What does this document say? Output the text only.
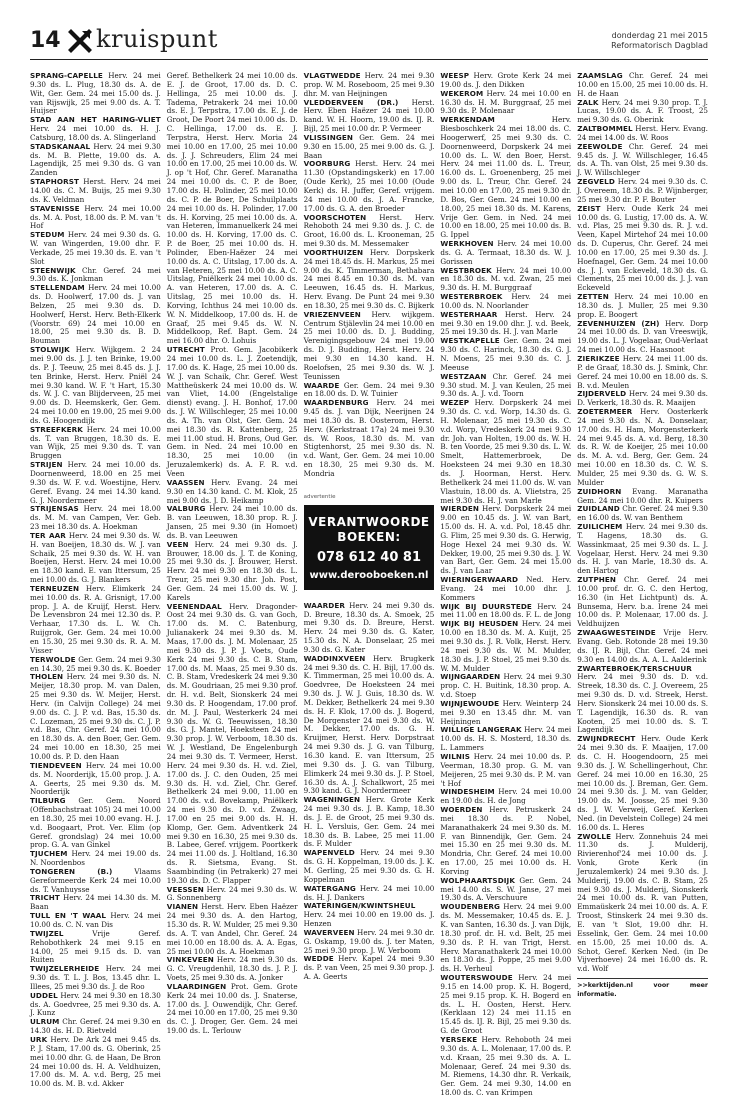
14 kruispunt	donderdag 21 mei 2015
Reformatorisch Dagblad

SPRANG-CAPELLE Herv. 24 mei 9.30 ds. L. Plug, 18.30 ds. A. de Wit, Ger. Gem. 24 mei 15.00 ds. J. van Rijswijk, 25 mei 9.00 ds. A. T. Huijser

STAD AAN HET HARING-VLIET Herv. 24 mei 10.00 ds. H. J. Catsburg, 18.00 ds. A. Slingerland

STADSKANAAL Herv. 24 mei 9.30 ds. M. B. Plette, 19.00 ds. A. Lagendijk, 25 mei 9.30 ds. G van Zanden

STAPHORST Herst. Herv. 24 mei 14.00 ds. C. M. Buijs, 25 mei 9.30 ds. K. Veldman

STAVENISSE Herv. 24 mei 10.00 ds. M. A. Post, 18.00 ds. P. M. van 't Hof

STEDUM Herv. 24 mei 9.30 ds. G. W. van Wingerden, 19.00 dhr. F. Verkade, 25 mei 19.30 ds. E. van 't Slot

STEENWIJK Chr. Geref. 24 mei 9.30 ds. K. Jonkman

STELLENDAM Herv. 24 mei 10.00 ds. D. Hoolwerf, 17.00 ds. J. van Belzen, 25 mei 9.30 ds. D. Hoolwerf, Herst. Herv. Beth-Elkerk (Voorstr. 69) 24 mei 10.00 en 18.00, 25 mei 9.30 ds. B. D. Bouman

STOLWIJK Herv. Wijkgem. 2 24 mei 9.00 ds. J. J. ten Brinke, 19.00 ds. P. J. Teeuw, 25 mei 8.45 ds. J. J. ten Brinke, Herst. Herv. Pniël 24 mei 9.30 kand. W. F. 't Hart, 15.30 ds. W. J. C. van Blijderveen, 25 mei 9.00 ds. D. Heemskerk, Ger. Gem. 24 mei 10.00 en 19.00, 25 mei 9.00 ds. G. Hoogendijk

STREEFKERK Herv. 24 mei 10.00 ds. T. van Bruggen, 18.30 ds. E. van Wijk, 25 mei 9.30 ds. T. van Bruggen

STRIJEN Herv. 24 mei 10.00 ds. Doornenweerd, 18.00 en 25 mei 9.30 ds. W. F. v.d. Woestijne, Herv. Geref. Evang. 24 mei 14.30 kand. G. J. Noordermeer

STRIJENSAS Herv. 24 mei 18.00 ds. M. M. van Campen, Ver. Geb. 23 mei 18.30 ds. A. Hoekman

TER AAR Herv. 24 mei 9.30 ds. W. H. van Boeijen, 18.30 ds. W. J. van Schaik, 25 mei 9.30 ds. W. H. van Boeijen, Herst. Herv. 24 mei 10.00 en 18.30 kand. E. van Ittersum, 25 mei 10.00 ds. G. J. Blankers

TERNEUZEN Herv. Elimkerk 24 mei 10.00 ds. R. A. Grisnigt, 17.00 prop. J. A. de Kruijf, Herst. Herv. De Levensbron 24 mei 12.30 ds. P. Verhaar, 17.30 ds. L. W. Ch. Ruijgrok, Ger. Gem. 24 mei 10.00 en 15.30, 25 mei 9.30 ds. R. A. M. Visser

TERWOLDE Ger. Gem. 24 mei 9.30 en 14.30, 25 mei 9.30 ds. K. Boeder

THOLEN Herv. 24 mei 9.30 ds. N. Meijer, 18.30 prop. M. van Dalen, 25 mei 9.30 ds. W. Meijer, Herst. Herv. (in Calvijn College) 24 mei 9.00 ds. C. J. P. v.d. Bas, 15.30 ds. C. Lozeman, 25 mei 9.30 ds. C. J. P. v.d. Bas, Chr. Geref. 24 mei 10.00 en 18.30 ds. A. den Boer, Ger. Gem. 24 mei 10.00 en 18.30, 25 mei 10.00 ds. P. D. den Haan

TIENDEVEEN Herv. 24 mei 10.00 ds. M. Noorderijk, 15.00 prop. J. A. A. Geerts, 25 mei 9.30 ds. M. Noorderijk

TILBURG Ger. Gem. Noord (Offenbachstraat 105) 24 mei 10.00 en 18.30, 25 mei 10.00 evang. H. J. v.d. Boogaart, Prot. Ver. Elim (op Geref. grondslag) 24 mei 10.00 prop. G. A. van Ginkel

TJUCHEM Herv. 24 mei 19.00 ds. N. Noordenbos

TONGEREN (B.)	Vlaams Gereformeerde Kerk 24 mei 10.00 ds. T. Vanhuysse

TRICHT Herv. 24 mei 14.30 ds. M. Baan

TULL EN 'T WAAL Herv. 24 mei 10.00 ds. C. N. van Dis

TWIJZEL	Vrije Geref. Rehobothkerk 24 mei 9.15 en 14.00, 25 mei 9.15 ds. D. van Ruiten

TWIJZELERHEIDE Herv. 24 mei 9.30 ds. T. L. J. Bos, 13.45 dhr. L. Illees, 25 mei 9.30 ds. J. de Roo

UDDEL Herv. 24 mei 9.30 en 18.30 ds. A. Goedvree, 25 mei 9.30 ds. A. J. Kunz

ULRUM Chr. Geref. 24 mei 9.30 en 14.30 ds. H. D. Rietveld

URK Herv. De Ark 24 mei 9.45 ds. P. J. Stam, 17.00 ds. G. Oberink, 25 mei 10.00 dhr. G. de Haan, De Bron 24 mei 10.00 ds. H. A. Veldhuizen, 17.00 ds. M. A. v.d. Berg, 25 mei 10.00 ds. M. B. v.d. Akker

Geref. Bethelkerk 24 mei 10.00 ds. E. J. de Groot, 17.00 ds. D. C. Hellinga, 25 mei 10.00 ds. J. Tademа, Petrakerk 24 mei 10.00 ds. E. J. Terpstra, 17.00 ds. E. J. de Groot, De Poort 24 mei 10.00 ds. D. C. Hellinga, 17.00 ds. E. J. Terpstra, Herst. Herv. Moria 24 mei 10.00 en 17.00, 25 mei 10.00 ds. J. J. Schreuders, Elim 24 mei 10.00 en 17.00, 25 mei 10.00 ds. W. J. op 't Hof, Chr. Geref. Maranatha 24 mei 10.00 ds. C. P. de Boer, 17.00 ds. H. Polinder, 25 mei 10.00 ds. C. P. de Boer, De Schuilplaats 24 mei 10.00 ds. H. Polinder, 17.00 ds. H. Korving, 25 mei 10.00 ds. A. van Heteren, Immanuelkerk 24 mei 10.00 ds. H. Korving, 17.00 ds. C. P. de Boer, 25 mei 10.00 ds. H. Polinder, Eben-Haëzer 24 mei 10.00 ds. A. C. Uitslag, 17.00 ds. A. van Heteren, 25 mei 10.00 ds. A. C. Uitslag, Pniëlkerk 24 mei 10.00 ds. A. van Heteren, 17.00 ds. A. C. Uitslag, 25 mei 10.00 ds. H. Korving, Ichthus 24 mei 10.00 ds. W. N. Middelkoop, 17.00 ds. H. de Graaf, 25 mei 9.45 ds. W. N. Middelkoop, Ref. Bapt. Gem. 24 mei 16.00 dhr. O. Lohuis

UTRECHT Prot. Gem. Jacobikerk 24 mei 10.00 ds. L. J. Zoetendijk, 17.00 ds. K. Hage, 25 mei 10.00 ds. W. J. van Schaik, Chr. Geref. West Mattheüskerk 24 mei 10.00 ds. W. van Vliet, 14.00 (Engelstalige dienst) evang. J. H. Bonhof, 17.00 ds. J. W. Willschleger, 25 mei 10.00 ds. A. Th. van Olst, Ger. Gem. 24 mei 18.30 ds. R. Kattenberg, 25 mei 11.00 stud. H. Brons, Oud Ger. Gem. in Ned. 24 mei 10.00 en 18.30, 25 mei 10.00 (in Jeruzalemkerk) ds. A. F. R. v.d. Veen

VAASSEN Herv. Evang. 24 mei 9.30 en 14.30 kand. C. M. Klok, 25 mei 9.00 ds. J. D. Heikamp

VALBURG Herv. 24 mei 10.00 ds. B. van Leeuwen, 18.30 prop. R. J. Jansen, 25 mei 9.30 (in Homoet) ds. B. van Leeuwen

VEEN Herv. 24 mei 9.30 ds. J. Brouwer, 18.00 ds. J. T. de Koning, 25 mei 9.30 ds. J. Brouwer, Herst. Herv. 24 mei 9.30 en 18.30 ds. L. Treur, 25 mei 9.30 dhr. Joh. Post, Ger. Gem. 24 mei 15.00 ds. W. J. Karels

VEENENDAAL Herv. Dragonder-Oost 24 mei 9.30 ds. G. van Goch, 17.00 ds. M. C. Batenburg, Julianakerk 24 mei 9.30 ds. M. Maas, 17.00 ds. J. M. Molenaar, 25 mei 9.30 ds. J. P. J. Voets, Oude Kerk 24 mei 9.30 ds. C. B. Stam, 17.00 ds. M. Maas, 25 mei 9.30 ds. C. B. Stam, Vredeskerk 24 mei 9.30 ds. M. Goudriaan, 25 mei 9.30 prof. dr. H. v.d. Belt, Sionskerk 24 mei 9.30 ds. P. Hoogendam, 17.00 prof. dr. M. J. Paul, Westerkerk 24 mei 9.30 ds. W. G. Teeuwissen, 18.30 ds. G. J. Mantel, Hoeksteen 24 mei 9.30 prop. J. W. Verboom, 18.30 ds. W. J. Westland, De Engelenburgh 24 mei 9.30 ds. T. Vermeer, Herst. Herv. 24 mei 9.30 ds. H. v.d. Ziel, 17.00 ds. J. C. den Ouden, 25 mei 9.30 ds. H. v.d. Ziel, Chr. Geref. Bethelkerk 24 mei 9.00, 11.00 en 17.00 ds. v.d. Bovekamp, Pniëlkerk 24 mei 9.30 ds. D. v.d. Zwaag, 17.00 en 25 mei 9.00 ds. H. H. Klomp, Ger. Gem. Adventkerk 24 mei 9.30 en 16.30, 25 mei 9.30 ds. B. Labee, Geref. vrijgem. Poortkerk 24 mei 11.00 ds. J. Holtland, 16.30 ds. R. Sietsma, Evang. St. Saambinding (in Petrakerk) 27 mei 19.30 ds. D. C. Flapper

VEESSEN Herv. 24 mei 9.30 ds. W. G. Sonnenberg

VIANEN Herst. Herv. Eben Haëzer 24 mei 9.30 ds. A. den Hartog, 15.30 ds. R. W. Mulder, 25 mei 9.30 ds. A. T. van Andel, Chr. Geref. 24 mei 10.00 en 18.00 ds. A. A. Egas, 25 mei 10.00 ds. A. Hoekman

VINKEVEEN Herv. 24 mei 9.30 ds. G. C. Vreugdenhil, 18.30 ds. J. P. J. Voets, 25 mei 9.30 ds. A. Jonker

VLAARDINGEN Prot. Gem. Grote Kerk 24 mei 10.00 ds. J. Snaterse, 17.00 ds. J. Ouwendijk, Chr. Geref. 24 mei 10.00 en 17.00, 25 mei 9.30 ds. C. J. Droger, Ger. Gem. 24 mei 19.00 ds. L. Terlouw

VLAGTWEDDE Herv. 24 mei 9.30 prop. W. M. Roseboom, 25 mei 9.30 dhr. M. van Heijningen

VLEDDERVEEN (DR.) Herst. Herv. Eben Haëzer 24 mei 10.00 kand. W. H. Hoorn, 19.00 ds. IJ. R. Bijl, 25 mei 10.00 dr. P. Vermeer

VLISSINGEN Ger. Gem. 24 mei 9.30 en 15.00, 25 mei 9.00 ds. G. J. Baan

VOORBURG Herst. Herv. 24 mei 11.30 (Opstandingskerk) en 17.00 (Oude Kerk), 25 mei 10.00 (Oude Kerk) ds. H. Juffer, Geref. vrijgem. 24 mei 10.00 ds. J. A. Francke, 17.00 ds. G. A. den Broeder

VOORSCHOTEN Herst. Herv. Rehoboth 24 mei 9.30 ds. J. C. de Groot, 16.00 ds. L. Krooneman, 25 mei 9.30 ds. M. Messemaker

VOORTHUIZEN Herv. Dorpskerk 24 mei 18.45 ds. H. Markus, 25 mei 9.00 ds. K. Timmerman, Bethabara 24 mei 8.45 en 10.30 ds. M. van Leeuwen, 16.45 ds. H. Markus, Herv. Evang. De Punt 24 mei 9.30 en 18.30, 25 mei 9.30 ds. C. Bijkerk

VRIEZENVEEN Herv. wijkgem. Centrum Stjälevlin 24 mei 10.00 en 25 mei 10.00 ds. D. J. Budding, Verenigingsgebouw 24 mei 19.00 ds. D. J. Budding, Herst. Herv. 24 mei 9.30 en 14.30 kand. H. Roelofsen, 25 mei 9.30 ds. W. J. Teunissen

WAARDE Ger. Gem. 24 mei 9.30 en 18.00 ds. D. W. Tuinier

WAARDENBURG Herv. 24 mei 9.45 ds. J. van Dijk, Neerijnen 24 mei 18.30 ds. B. Oosterom, Herst. Herv. (Kerkstraat 17a) 24 mei 9.30 ds. W. Roos, 18.30 ds. M. van Stigtenhorst, 25 mei 9.30 ds. N. v.d. Want, Ger. Gem. 24 mei 10.00 en 18.30, 25 mei 9.30 ds. M. Mondria

advertentie
VERANTWOORDE
BOEKEN:
078 612 40 81
www.derooboeken.nl

WAARDER Herv. 24 mei 9.30 ds. D. Breure, 18.30 ds. A. Smoek, 25 mei 9.30 ds. D. Breure, Herst. Herv. 24 mei 9.30 ds. G. Kater, 15.30 ds. N. A. Donselaar, 25 mei 9.30 ds. G. Kater

WADDINXVEEN Herv. Brugkerk 24 mei 9.30 ds. C. H. Bijl, 17.00 ds. K. Timmerman, 25 mei 10.00 ds. A. Goedvree, De Hoeksteen 24 mei 9.30 ds. J. W. J. Guis, 18.30 ds. W. M. Dekker, Bethelkerk 24 mei 9.30 ds. H. F. Klok, 17.00 ds. J. Bogerd, De Morgenster 24 mei 9.30 ds. W. M. Dekker, 17.00 ds. G. H. Kruijmer, Herst. Herv. Dorpstraat 24 mei 9.30 ds. J. G. van Tilburg, 16.30 kand. E. van Ittersum, 25 mei 9.30 ds. J. G. van Tilburg, Elimkerk 24 mei 9.30 ds. J. P. Stoel, 16.30 ds. A. J. Schalkwort, 25 mei 9.30 kand. G. J. Noordermeer

WAGENINGEN Herv. Grote Kerk 24 mei 9.30 ds. J. B. Kamp, 18.30 ds. J. E. de Groot, 25 mei 9.30 ds. H. L. Versluis, Ger. Gem. 24 mei 18.30 ds. B. Labee, 25 mei 11.00 ds. F. Mulder

WAPENVELD Herv. 24 mei 9.30 ds. G. H. Koppelman, 19.00 ds. J. K. M. Gerling, 25 mei 9.30 ds. G. H. Koppelman

WATERGANG Herv. 24 mei 10.00 ds. H. J. Dankers

WATERINGEN/KWINTSHEUL Herv. 24 mei 10.00 en 19.00 ds. J. Henzen

WAVERVEEN Herv. 24 mei 9.30 dr. G. Oskamp, 19.00 ds. J. ter Maten, 25 mei 9.30 prop. J. W. Verboom

WEDDE Herv. Kapel 24 mei 9.30 ds. P. van Veen, 25 mei 9.30 prop. J. A. A. Geerts

WEESP Herv. Grote Kerk 24 mei 19.00 ds. J. den Dikken

WEKEROM Herv. 24 mei 10.00 en 16.30 ds. H. M. Burggraaf, 25 mei 9.30 ds. P. Molenaar

WERKENDAM	Herv. Biesboschkerk 24 mei 18.00 ds. C. Hoogerwerf, 25 mei 9.30 ds. C. Doornenweerd, Dorpskerk 24 mei 10.00 ds. L. W. den Boer, Herst. Herv. 24 mei 11.00 ds. L. Treur, 16.00 ds. L. Groenenberg, 25 mei 9.00 ds. L. Treur, Chr. Geref. 24 mei 10.00 en 17.00, 25 mei 9.30 dr. D. Bos, Ger. Gem. 24 mei 10.00 en 18.00, 25 mei 18.30 ds. M. Karens, Vrije Ger. Gem. in Ned. 24 mei 10.00 en 18.00, 25 mei 10.00 ds. B. G. Ippel

WERKHOVEN Herv. 24 mei 10.00 ds. G. A. Termaat, 18.30 ds. W. J. Gorissen

WESTBROEK Herv. 24 mei 10.00 en 18.30 ds. M. v.d. Zwan, 25 mei 9.30 ds. H. M. Burggraaf

WESTERBROEK Herv. 24 mei 10.00 ds. N. Noorlander

WESTERHAAR Herst. Herv. 24 mei 9.30 en 19.00 dhr. J. v.d. Beek, 25 mei 19.30 ds. H. J. van Marle

WESTKAPELLE Ger. Gem. 24 mei 9.30 ds. C. Harinck, 18.30 ds. G. J. N. Moens, 25 mei 9.30 ds. C. J. Meeuse

WESTZAAN Chr. Geref. 24 mei 9.30 stud. M. J. van Keulen, 25 mei 9.30 ds. A. J. v.d. Toorn

WEZEP Herv. Dorpskerk 24 mei 9.30 ds. C. v.d. Worp, 14.30 ds. G. H. Molenaar, 25 mei 19.30 ds. C. v.d. Worp, Vredeskerk 24 mei 9.30 dr. Joh. van Holten, 19.00 ds. W. H. B. ten Voorde, 25 mei 9.30 ds. L. W. Smelt, Hattemerbroek, De Hoeksteen 24 mei 9.30 en 18.30 ds. J. Hoorman, Herst. Herv. Bethelkerk 24 mei 11.00 ds. W. van Vlastuin, 18.00 ds. A. Vlietstra, 25 mei 9.30 ds. H. J. van Marle

WIERDEN Herv. Dorpskerk 24 mei 9.00 en 10.45 ds. J. W. van Bart, 15.00 ds. H. A. v.d. Pol, 18.45 dhr. G. Flim, 25 mei 9.30 ds. G. Herwig, Hoge Hexel 24 mei 9.30 ds. W. Dekker, 19.00, 25 mei 9.30 ds. J. W. van Bart, Ger. Gem. 24 mei 15.00 ds. J. van Laar

WIERINGERWAARD Ned. Herv. Evang. 24 mei 10.00 dhr. J. Kommers

WIJK BIJ DUURSTEDE Herv. 24 mei 11.00 en 18.00 ds. F. L. de Jong

WIJK BIJ HEUSDEN Herv. 24 mei 10.00 en 18.30 ds. M. A. Kuijt, 25 mei 9.30 ds. J. R. Volk, Herst. Herv. 24 mei 9.30 ds. W. M. Mulder, 18.30 ds. J. P. Stoel, 25 mei 9.30 ds. W. M. Mulder

WIJNGAARDEN Herv. 24 mei 9.30 prop. C. H. Buitink, 18.30 prop. A. v.d. Stoep

WIJNJEWOUDE Herv. Weinterp 24 mei 9.30 en 13.45 dhr. M. van Heijningen

WILLIGE LANGERAK Herv. 24 mei 10.00 ds. H. S. Mosterd, 18.30 ds. L. Lammers

WILNIS Herv. 24 mei 10.00 ds. P. Veerman, 18.30 prop. G. M. van Meijeren, 25 mei 9.30 ds. P. M. van 't Hof

WINDESHEIM Herv. 24 mei 10.00 en 19.00 ds. H. de Jong

WOERDEN Herv. Petruskerk 24 mei 18.30 ds. P. Nobel, Maranathakerk 24 mei 9.30 ds. M. F. van Binnendijk, Ger. Gem. 24 mei 15.30 en 25 mei 9.30 ds. M. Mondria, Chr. Geref. 24 mei 10.00 en 17.00, 25 mei 10.00 ds. H. Korving

WOLPHAARTSDIJK Ger. Gem. 24 mei 14.00 ds. S. W. Janse, 27 mei 19.30 ds. A. Verschuure

WOUDENBERG Herv. 24 mei 9.00 ds. M. Messemaker, 10.45 ds. E. J. K. van Santen, 16.30 ds. J. van Dijk, 18.30 prof. dr. H. v.d. Belt, 25 mei 9.30 ds. P. H. van Trigt, Herst. Herv. Maranathakerk 24 mei 10.00 en 18.30 ds. J. Poppe, 25 mei 9.00 ds. H. Verheul

WOUTERSWOUDE Herv. 24 mei 9.15 en 14.00 prop. K. H. Bogerd, 25 mei 9.15 prop. K. H. Bogerd en ds. L. H. Oosten, Herst. Herv. (Kerklaan 12) 24 mei 11.15 en 15.45 ds. IJ. R. Bijl, 25 mei 9.30 ds. G. de Groot

YERSEKE Herv. Rehoboth 24 mei 9.30 ds. A. L. Molenaar, 17.00 ds. P. v.d. Kraan, 25 mei 9.30 ds. A. L. Molenaar, Geref. 24 mei 9.30 ds. M. Riemens, 14.30 dhr. R. Verkaik, Ger. Gem. 24 mei 9.30, 14.00 en 18.00 ds. C. van Krimpen

ZAAMSLAG Chr. Geref. 24 mei 10.00 en 15.00, 25 mei 10.00 ds. H. H. de Haan

ZALK Herv. 24 mei 9.30 prop. T. J. Lucas, 19.00 ds. A. F. Troost, 25 mei 9.30 ds. G. Oberink

ZALTBOMMEL Herst. Herv. Evang. 24 mei 14.00 ds. W. Roos

ZEEWOLDE Chr. Geref. 24 mei 9.45 ds. J. W. Willschleger, 16.45 ds. A. Th. van Olst, 25 mei 9.30 ds. J. W. Willschleger

ZEGVELD Herv. 24 mei 9.30 ds. C. J. Overeem, 18.30 ds. P. Wijnberger, 25 mei 9.30 dr. P. F. Bouter

ZEIST Herv. Oude Kerk 24 mei 10.00 ds. G. Lustig, 17.00 ds. A. W. v.d. Plas, 25 mei 9.30 ds. R. J. v.d. Veen, Kapel Mirtehof 24 mei 10.00 ds. D. Cuperus, Chr. Geref. 24 mei 10.00 en 17.00, 25 mei 9.30 ds. J. Hoefnagel, Ger. Gem. 24 mei 10.00 ds. J. J. van Eckeveld, 18.30 ds. G. Clements, 25 mei 10.00 ds. J. J. van Eckeveld

ZETTEN Herv. 24 mei 10.00 en 18.30 ds. J. Muller, 25 mei 9.30 prop. E. Boogert

ZEVENHUIZEN (ZH) Herv. Dorp 24 mei 10.00 ds. D. van Vreeswijk, 19.00 ds. L. J. Vogelaar, Oud-Verlaat 24 mei 10.00 ds. C. Haasnoot

ZIERIKZEE Herv. 24 mei 11.00 ds. P. de Graaf, 18.30 ds. J. Smink, Chr. Geref. 24 mei 10.00 en 18.00 ds. S. B. v.d. Meulen

ZIJDERVELD Herv. 24 mei 9.30 ds. D. Verkerk, 18.30 ds. R. Maaijen

ZOETERMEER Herv. Oosterkerk 24 mei 9.30 ds. N. A. Donselaar, 17.00 ds. H. Ham, Morgensterkerk 24 mei 9.45 ds. A. v.d. Berg, 18.30 ds. R. W. de Koeijer, 25 mei 10.00 ds. M. A. v.d. Berg, Ger. Gem. 24 mei 10.00 en 18.30 ds. C. W. S. Mulder, 25 mei 9.30 ds. G. W. S. Mulder

ZUIDHORN Evang. Maranatha Gem. 24 mei 10.00 dhr. R. Kuipers

ZUIDLAND Chr. Geref. 24 mei 9.30 en 16.00 ds. W. van Benthem

ZUILICHEM Herv. 24 mei 9.30 ds. T. Hagens, 18.30 ds. G. Wassinkmaat, 25 mei 9.30 ds. L. J. Vogelaar, Herst. Herv. 24 mei 9.30 ds. H. J. van Marle, 18.30 ds. A. den Hartog

ZUTPHEN Chr. Geref. 24 mei 10.00 prof. dr. G. C. den Hertog, 16.30 (in Het Lichtpunt) ds. A. Bunsema, Herv. b.a. Irene 24 mei 10.00 ds. P. Molenaar, 17.00 ds. J. Veldhuijzen

ZWAAGWESTEINDE Vrije Herv. Evang. Geb. Rotonde 28 mei 19.30 ds. IJ. R. Bijl, Chr. Geref. 24 mei 9.30 en 14.00 ds. A. A. L. Aalderink

ZWARTEBROEK/TERSCHUUR Herv. 24 mei 9.30 ds. D. v.d. Streek, 18.30 ds. C. J. Overeem, 25 mei 9.30 ds. D. v.d. Streek, Herst. Herv. Sionskerk 24 mei 10.00 ds. S. T. Lagendijk, 16.30 ds. R. van Kooten, 25 mei 10.00 ds. S. T. Lagendijk

ZWIJNDRECHT Herv. Oude Kerk 24 mei 9.30 ds. F. Maaijen, 17.00 ds. C. H. Hoogendoorn, 25 mei 9.30 ds. J. W. Schellingerhout, Chr. Geref. 24 mei 10.00 en 16.30, 25 mei 10.00 ds. J. Breman, Ger. Gem. 24 mei 9.30 ds. J. M. van Gelder, 19.00 ds. M. Joosse, 25 mei 9.30 ds. J. W. Verweij, Geref. Kerken Ned. (in Develstein College) 24 mei 16.00 ds. L. Heres

ZWOLLE Herv. Zonnehuis 24 mei 11.30 ds. J. Mulderij, Rivierenhof'24 mei 10.00 ds. J. Vonk, Grote Kerk (in Jeruzalemkerk) 24 mei 9.30 ds. J. Mulderij, 19.00 ds. C. B. Stam, 25 mei 9.30 ds. J. Mulderij, Sionskerk 24 mei 10.00 ds. R. van Putten, Emmaüskerk 24 mei 10.00 ds. A. F. Troost, Stinskerk 24 mei 9.30 ds. E. van 't Slot, 19.00 dhr. H. Esselink, Ger. Gem. 24 mei 10.00 en 15.00, 25 mei 10.00 ds. A. Schot, Geref. Kerken Ned. (in De Vijverhoeve) 24 mei 16.00 ds. R. v.d. Wolf

>>kerktijden.nl voor meer informatie.
